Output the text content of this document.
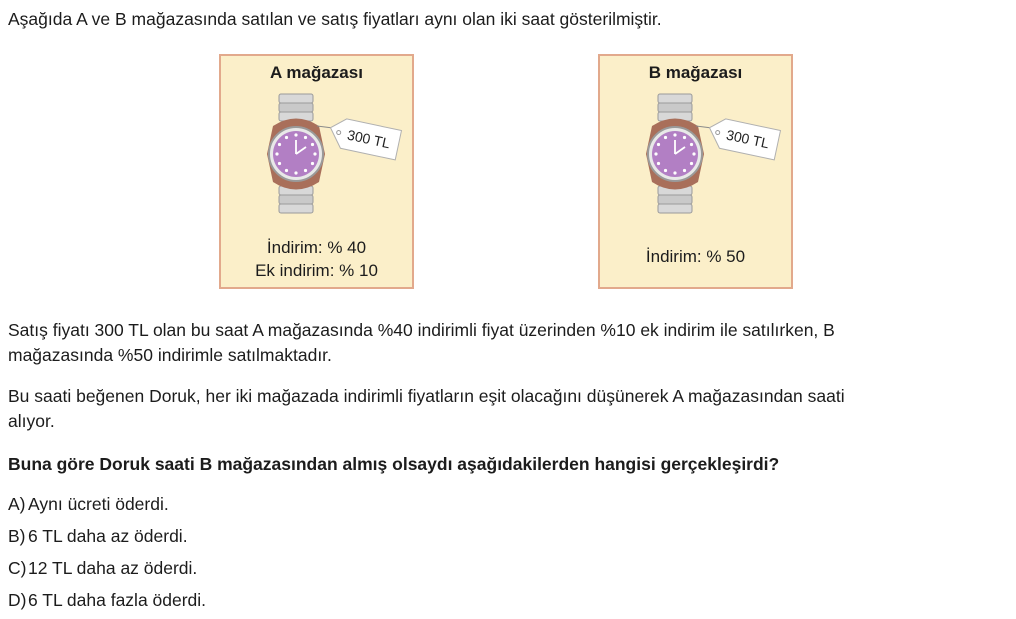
Aşağıda A ve B mağazasında satılan ve satış fiyatları aynı olan iki saat gösterilmiştir.
A mağazası
300 TL
İndirim: % 40
Ek indirim: % 10
B mağazası
300 TL
İndirim: % 50
Satış fiyatı 300 TL olan bu saat A mağazasında %40 indirimli fiyat üzerinden %10 ek indirim ile satılırken, B
mağazasında %50 indirimle satılmaktadır.
Bu saati beğenen Doruk, her iki mağazada indirimli fiyatların eşit olacağını düşünerek A mağazasından saati
alıyor.
Buna göre Doruk saati B mağazasından almış olsaydı aşağıdakilerden hangisi gerçekleşirdi?
A) Aynı ücreti öderdi.
B) 6 TL daha az öderdi.
C)12 TL daha az öderdi.
D)6 TL daha fazla öderdi.
